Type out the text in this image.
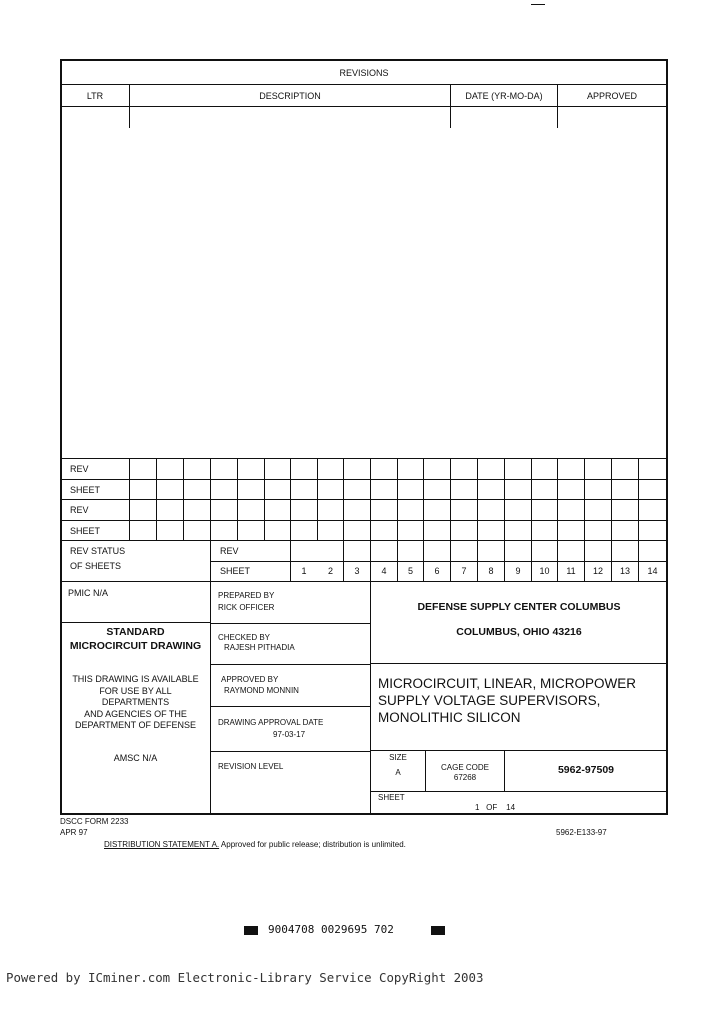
REVISIONS
LTR	DESCRIPTION	DATE (YR-MO-DA)	APPROVED
REV
SHEET
REV
SHEET
REV STATUS
OF SHEETS
REV
SHEET	1	2	3	4	5	6	7	8	9	10	11	12	13	14
PMIC N/A
STANDARD
MICROCIRCUIT DRAWING
THIS DRAWING IS AVAILABLE
FOR USE BY ALL
DEPARTMENTS
AND AGENCIES OF THE
DEPARTMENT OF DEFENSE
AMSC N/A
PREPARED BY
RICK OFFICER
CHECKED BY
RAJESH PITHADIA
APPROVED BY
RAYMOND MONNIN
DRAWING APPROVAL DATE
97-03-17
REVISION LEVEL
DEFENSE SUPPLY CENTER COLUMBUS
COLUMBUS, OHIO 43216
MICROCIRCUIT, LINEAR, MICROPOWER
SUPPLY VOLTAGE SUPERVISORS,
MONOLITHIC SILICON
SIZE
A
CAGE CODE
67268
5962-97509
SHEET
1   OF    14
DSCC FORM 2233
APR 97	5962-E133-97
DISTRIBUTION STATEMENT A. Approved for public release; distribution is unlimited.
9004708 0029695 702
Powered by ICminer.com Electronic-Library Service CopyRight 2003
